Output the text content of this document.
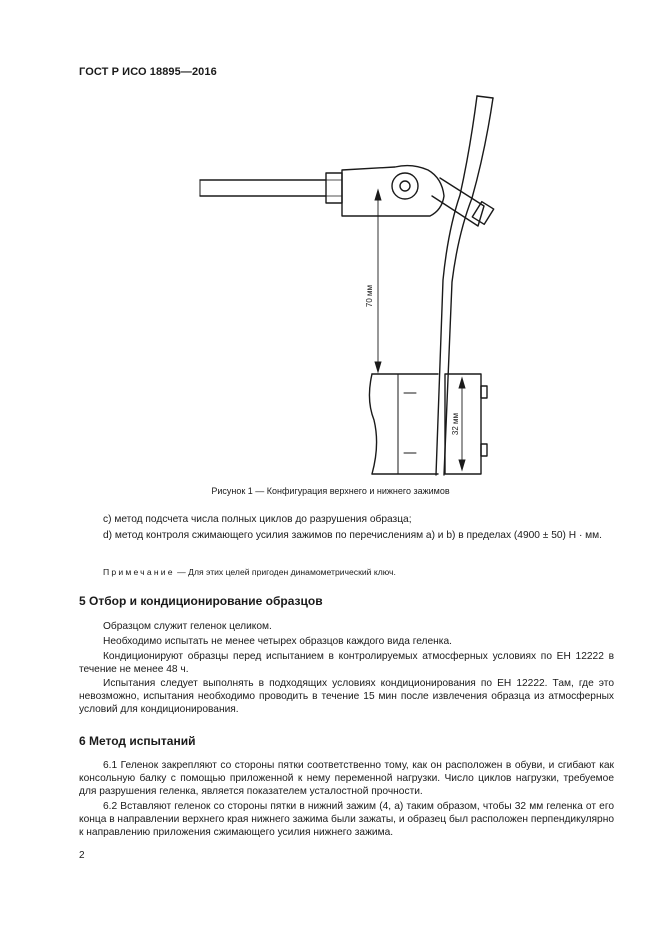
ГОСТ Р ИСО 18895—2016
70 мм
32 мм
Рисунок 1 — Конфигурация верхнего и нижнего зажимов
c) метод подсчета числа полных циклов до разрушения образца;
d) метод контроля сжимающего усилия зажимов по перечислениям a) и b) в пределах (4900 ± 50) Н · мм.
Примечание — Для этих целей пригоден динамометрический ключ.
5 Отбор и кондиционирование образцов
Образцом служит геленок целиком.
Необходимо испытать не менее четырех образцов каждого вида геленка.
Кондиционируют образцы перед испытанием в контролируемых атмосферных условиях по ЕН 12222 в течение не менее 48 ч.
Испытания следует выполнять в подходящих условиях кондиционирования по ЕН 12222. Там, где это невозможно, испытания необходимо проводить в течение 15 мин после извлечения образца из атмосферных условий для кондиционирования.
6 Метод испытаний
6.1 Геленок закрепляют со стороны пятки соответственно тому, как он расположен в обуви, и сгибают как консольную балку с помощью приложенной к нему переменной нагрузки. Число циклов нагрузки, требуемое для разрушения геленка, является показателем усталостной прочности.
6.2 Вставляют геленок со стороны пятки в нижний зажим (4, а) таким образом, чтобы 32 мм геленка от его конца в направлении верхнего края нижнего зажима были зажаты, и образец был расположен перпендикулярно к направлению приложения сжимающего усилия нижнего зажима.
2
